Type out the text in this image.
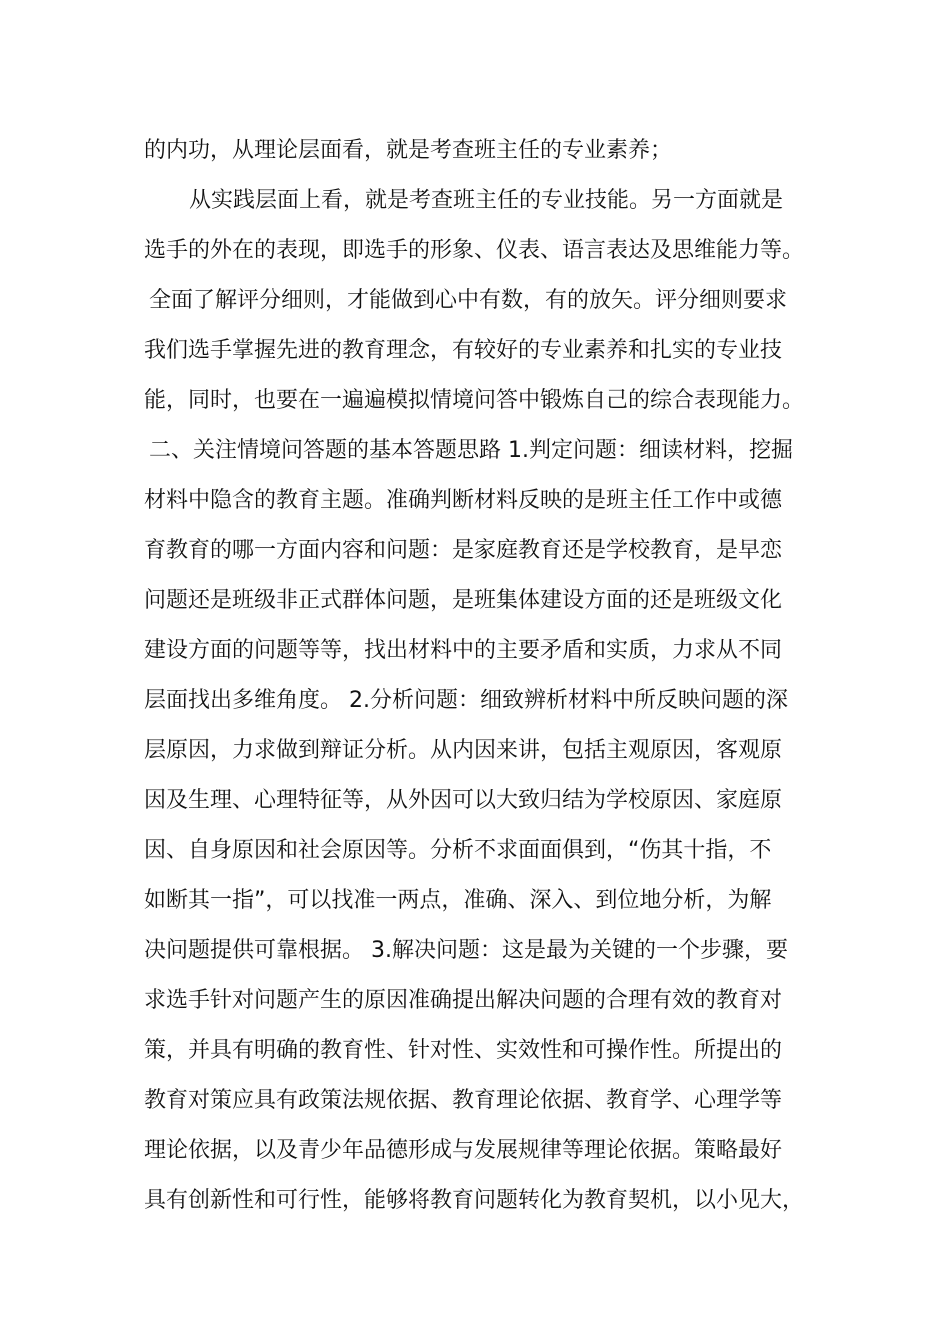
的内功，从理论层面看，就是考查班主任的专业素养；
从实践层面上看，就是考查班主任的专业技能。另一方面就是
选手的外在的表现，即选手的形象、仪表、语言表达及思维能力等。
全面了解评分细则，才能做到心中有数，有的放矢。评分细则要求
我们选手掌握先进的教育理念，有较好的专业素养和扎实的专业技
能，同时，也要在一遍遍模拟情境问答中锻炼自己的综合表现能力。
二、关注情境问答题的基本答题思路 1.判定问题：细读材料，挖掘
材料中隐含的教育主题。准确判断材料反映的是班主任工作中或德
育教育的哪一方面内容和问题：是家庭教育还是学校教育，是早恋
问题还是班级非正式群体问题，是班集体建设方面的还是班级文化
建设方面的问题等等，找出材料中的主要矛盾和实质，力求从不同
层面找出多维角度。 2.分析问题：细致辨析材料中所反映问题的深
层原因，力求做到辩证分析。从内因来讲，包括主观原因，客观原
因及生理、心理特征等，从外因可以大致归结为学校原因、家庭原
因、自身原因和社会原因等。分析不求面面俱到，“伤其十指，不
如断其一指”，可以找准一两点，准确、深入、到位地分析，为解
决问题提供可靠根据。 3.解决问题：这是最为关键的一个步骤，要
求选手针对问题产生的原因准确提出解决问题的合理有效的教育对
策，并具有明确的教育性、针对性、实效性和可操作性。所提出的
教育对策应具有政策法规依据、教育理论依据、教育学、心理学等
理论依据，以及青少年品德形成与发展规律等理论依据。策略最好
具有创新性和可行性，能够将教育问题转化为教育契机，以小见大，
